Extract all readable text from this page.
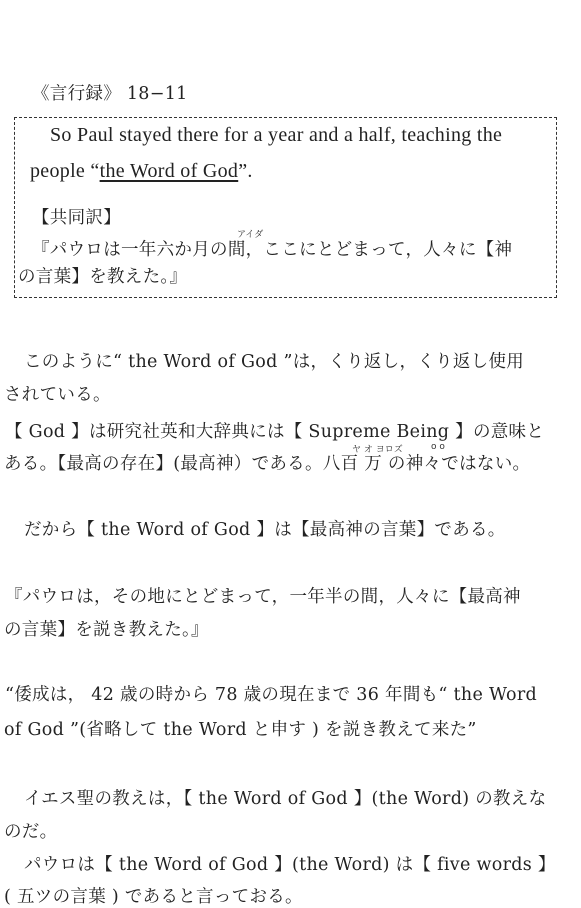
《言行録》 18−11
So Paul stayed there for a year and a half, teaching the
people “the Word of God”.
【共同訳】
アイダ
『パウロは一年六か月の間，ここにとどまって，人々に【神
の言葉】を教えた。』
このように“ the Word of God ”は，くり返し，くり返し使用
されている。
【 God 】は研究社英和大辞典には【 Supreme Being 】の意味と
ヤ オ ヨロズ	o o
ある。【最高の存在】(最高神）である。八百 万 の神々ではない。
だから【 the Word of God 】は【最高神の言葉】である。
『パウロは，その地にとどまって，一年半の間，人々に【最高神
の言葉】を説き教えた。』
“倭成は， 42 歳の時から 78 歳の現在まで 36 年間も“ the Word
of God ”(省略して the Word と申す ) を説き教えて来た”
イエス聖の教えは，【 the Word of God 】(the Word) の教えな
のだ。
パウロは【 the Word of God 】(the Word) は【 five words 】
( 五ツの言葉 ) であると言っておる。
